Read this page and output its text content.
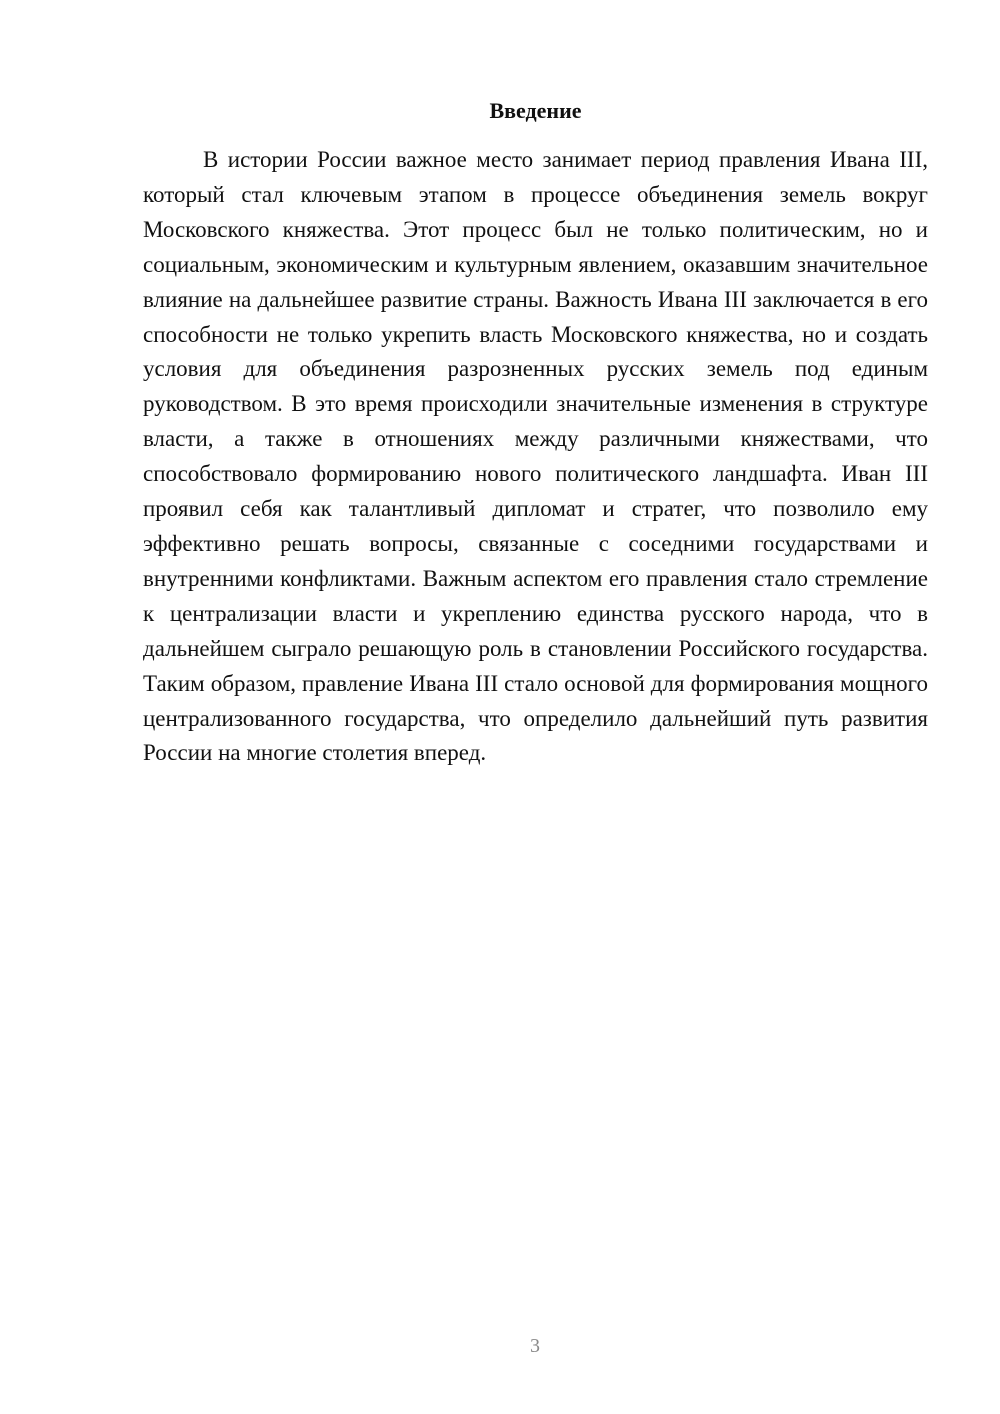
Введение

В истории России важное место занимает период правления Ивана III, который стал ключевым этапом в процессе объединения земель вокруг Московского княжества. Этот процесс был не только политическим, но и социальным, экономическим и культурным явлением, оказавшим значительное влияние на дальнейшее развитие страны. Важность Ивана III заключается в его способности не только укрепить власть Московского княжества, но и создать условия для объединения разрозненных русских земель под единым руководством. В это время происходили значительные изменения в структуре власти, а также в отношениях между различными княжествами, что способствовало формированию нового политического ландшафта. Иван III проявил себя как талантливый дипломат и стратег, что позволило ему эффективно решать вопросы, связанные с соседними государствами и внутренними конфликтами. Важным аспектом его правления стало стремление к централизации власти и укреплению единства русского народа, что в дальнейшем сыграло решающую роль в становлении Российского государства. Таким образом, правление Ивана III стало основой для формирования мощного централизованного государства, что определило дальнейший путь развития России на многие столетия вперед.

3
